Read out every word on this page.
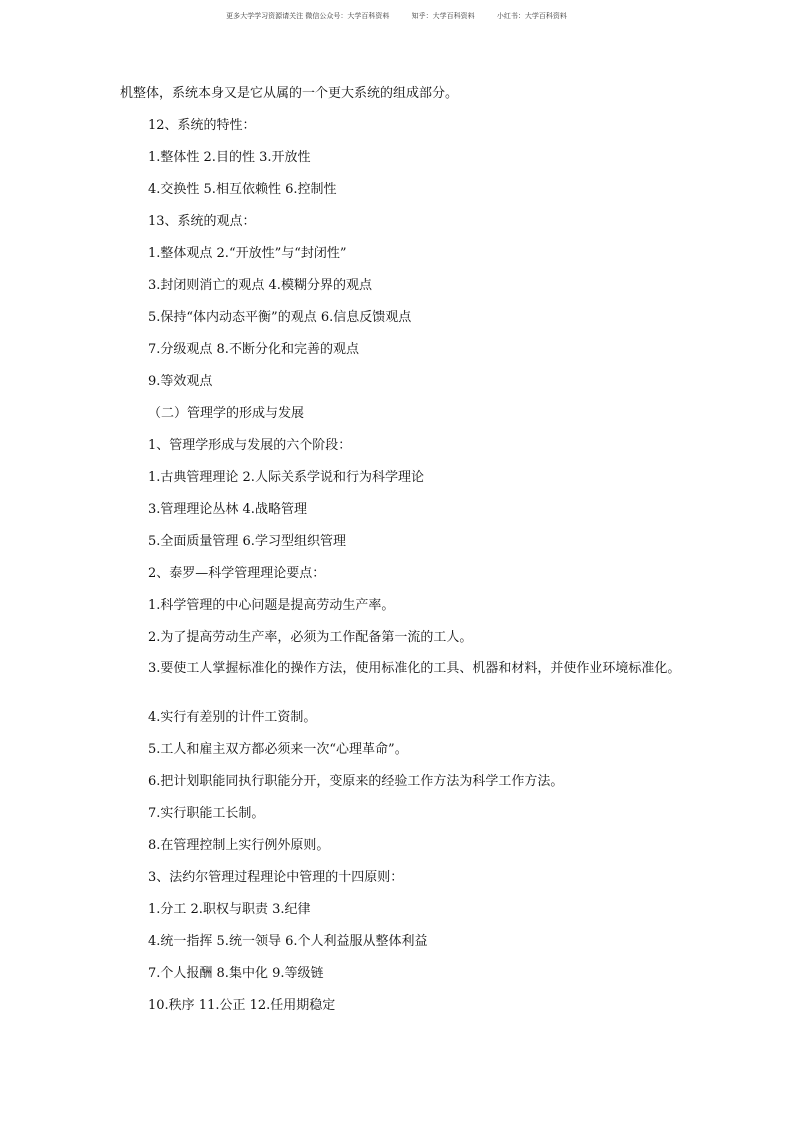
更多大学学习资源请关注 微信公众号：大学百科资料	知乎：大学百科资料	小红书：大学百科资料
机整体，系统本身又是它从属的一个更大系统的组成部分。
12、系统的特性：
1.整体性 2.目的性 3.开放性
4.交换性 5.相互依赖性 6.控制性
13、系统的观点：
1.整体观点 2.“开放性”与“封闭性”
3.封闭则消亡的观点 4.模糊分界的观点
5.保持“体内动态平衡”的观点 6.信息反馈观点
7.分级观点 8.不断分化和完善的观点
9.等效观点
（二）管理学的形成与发展
1、管理学形成与发展的六个阶段：
1.古典管理理论 2.人际关系学说和行为科学理论
3.管理理论丛林 4.战略管理
5.全面质量管理 6.学习型组织管理
2、泰罗—科学管理理论要点：
1.科学管理的中心问题是提高劳动生产率。
2.为了提高劳动生产率，必须为工作配备第一流的工人。
3.要使工人掌握标准化的操作方法，使用标准化的工具、机器和材料，并使作业环境标准化。
4.实行有差别的计件工资制。
5.工人和雇主双方都必须来一次“心理革命”。
6.把计划职能同执行职能分开，变原来的经验工作方法为科学工作方法。
7.实行职能工长制。
8.在管理控制上实行例外原则。
3、法约尔管理过程理论中管理的十四原则：
1.分工 2.职权与职责 3.纪律
4.统一指挥 5.统一领导 6.个人利益服从整体利益
7.个人报酬 8.集中化 9.等级链
10.秩序 11.公正 12.任用期稳定
